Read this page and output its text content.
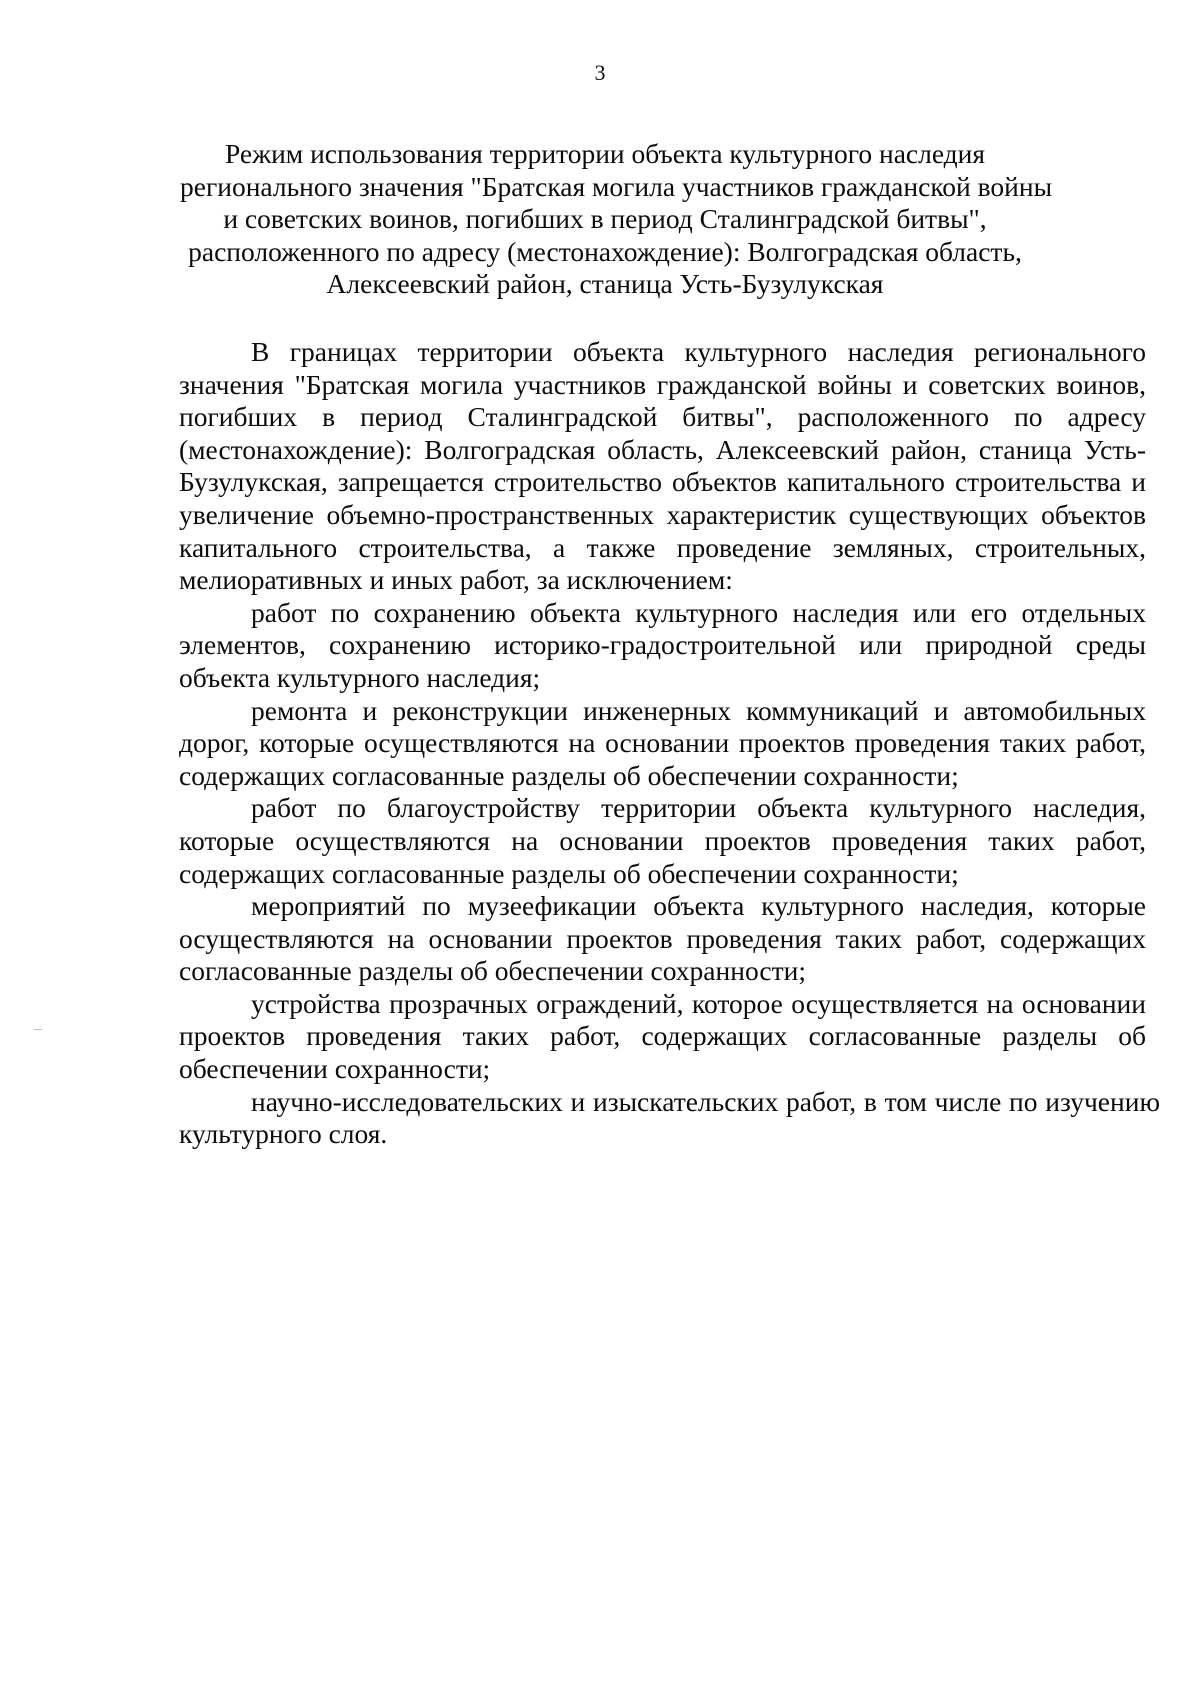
3
Режим использования территории объекта культурного наследия
регионального значения "Братская могила участников гражданской войны
и советских воинов, погибших в период Сталинградской битвы",
расположенного по адресу (местонахождение): Волгоградская область,
Алексеевский район, станица Усть-Бузулукская

В границах территории объекта культурного наследия регионального значения "Братская могила участников гражданской войны и советских воинов, погибших в период Сталинградской битвы", расположенного по адресу (местонахождение): Волгоградская область, Алексеевский район, станица Усть-Бузулукская, запрещается строительство объектов капитального строительства и увеличение объемно-пространственных характеристик существующих объектов капитального строительства, а также проведение земляных, строительных, мелиоративных и иных работ, за исключением:

работ по сохранению объекта культурного наследия или его отдельных элементов, сохранению историко-градостроительной или природной среды объекта культурного наследия;

ремонта и реконструкции инженерных коммуникаций и автомобильных дорог, которые осуществляются на основании проектов проведения таких работ, содержащих согласованные разделы об обеспечении сохранности;

работ по благоустройству территории объекта культурного наследия, которые осуществляются на основании проектов проведения таких работ, содержащих согласованные разделы об обеспечении сохранности;

мероприятий по музеефикации объекта культурного наследия, которые осуществляются на основании проектов проведения таких работ, содержащих согласованные разделы об обеспечении сохранности;

устройства прозрачных ограждений, которое осуществляется на основании проектов проведения таких работ, содержащих согласованные разделы об обеспечении сохранности;

научно-исследовательских и изыскательских работ, в том числе по изучению культурного слоя.
